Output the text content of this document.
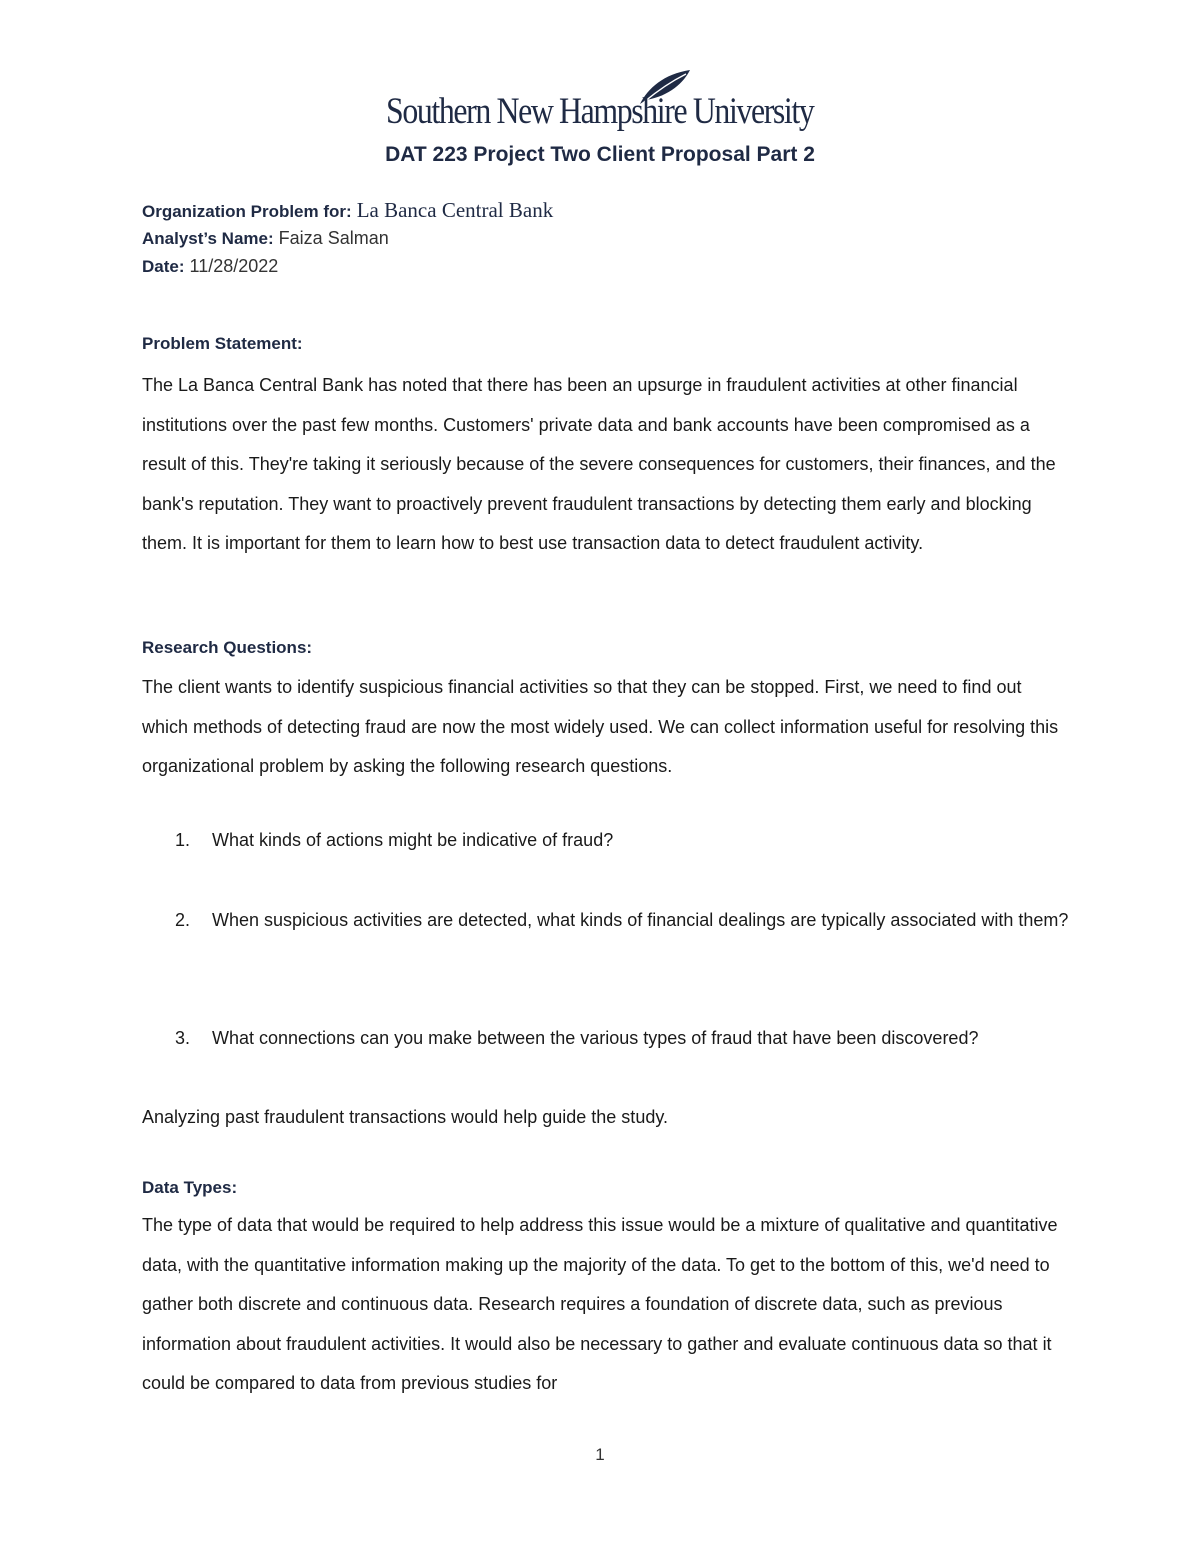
Southern New Hampshire University
DAT 223 Project Two Client Proposal Part 2
Organization Problem for: La Banca Central Bank
Analyst’s Name: Faiza Salman
Date: 11/28/2022
Problem Statement:

The La Banca Central Bank has noted that there has been an upsurge in fraudulent activities at other financial institutions over the past few months. Customers' private data and bank accounts have been compromised as a result of this. They're taking it seriously because of the severe consequences for customers, their finances, and the bank's reputation. They want to proactively prevent fraudulent transactions by detecting them early and blocking them. It is important for them to learn how to best use transaction data to detect fraudulent activity.

Research Questions:

The client wants to identify suspicious financial activities so that they can be stopped. First, we need to find out which methods of detecting fraud are now the most widely used. We can collect information useful for resolving this organizational problem by asking the following research questions.

1. What kinds of actions might be indicative of fraud?
2. When suspicious activities are detected, what kinds of financial dealings are typically associated with them?
3. What connections can you make between the various types of fraud that have been discovered?
Analyzing past fraudulent transactions would help guide the study.
Data Types:

The type of data that would be required to help address this issue would be a mixture of qualitative and quantitative data, with the quantitative information making up the majority of the data. To get to the bottom of this, we'd need to gather both discrete and continuous data. Research requires a foundation of discrete data, such as previous information about fraudulent activities. It would also be necessary to gather and evaluate continuous data so that it could be compared to data from previous studies for

1
